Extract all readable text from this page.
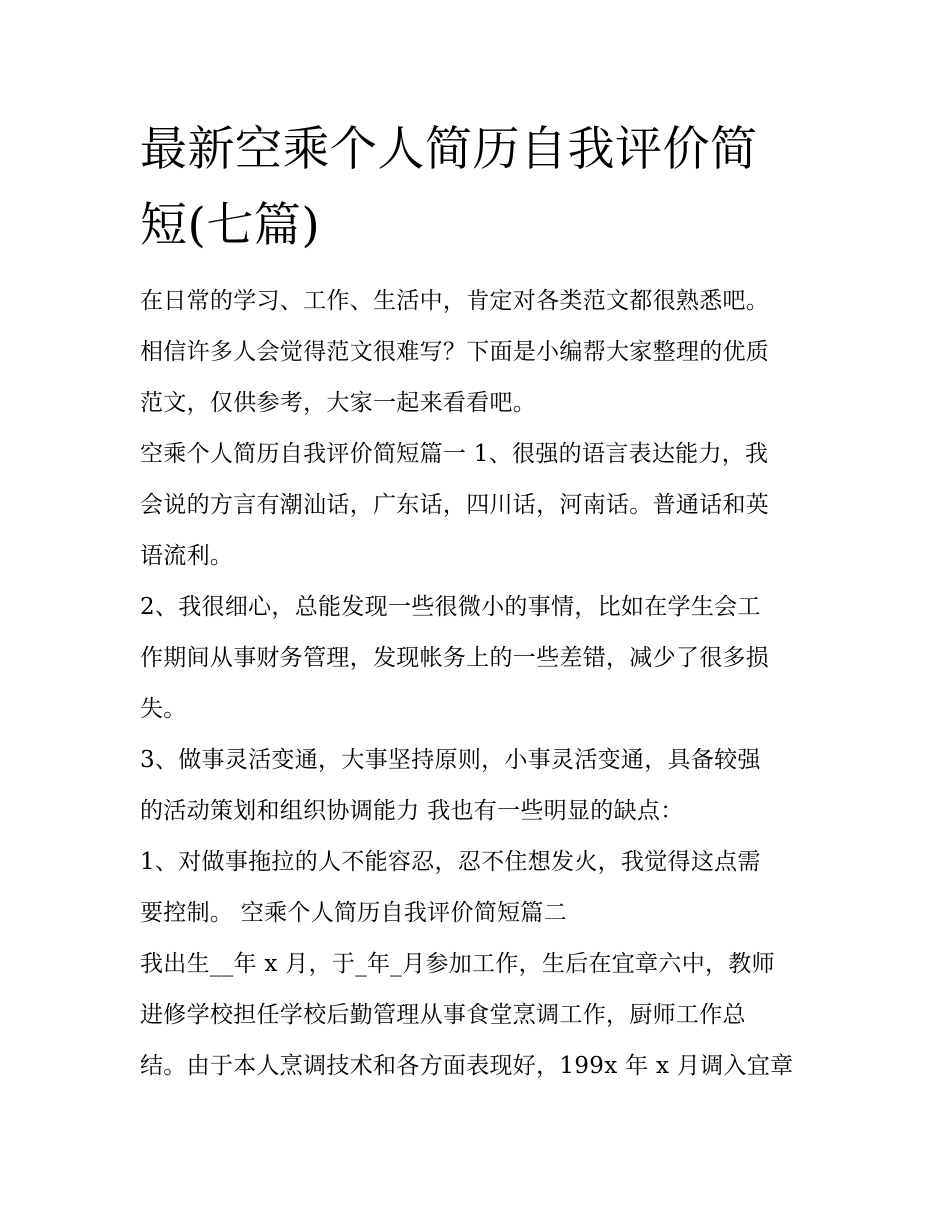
最新空乘个人简历自我评价简
短(七篇)

在日常的学习、工作、生活中，肯定对各类范文都很熟悉吧。
相信许多人会觉得范文很难写？下面是小编帮大家整理的优质
范文，仅供参考，大家一起来看看吧。

空乘个人简历自我评价简短篇一 1、很强的语言表达能力，我
会说的方言有潮汕话，广东话，四川话，河南话。普通话和英
语流利。

2、我很细心，总能发现一些很微小的事情，比如在学生会工
作期间从事财务管理，发现帐务上的一些差错，减少了很多损
失。

3、做事灵活变通，大事坚持原则，小事灵活变通，具备较强
的活动策划和组织协调能力 我也有一些明显的缺点：

1、对做事拖拉的人不能容忍，忍不住想发火，我觉得这点需
要控制。 空乘个人简历自我评价简短篇二

我出生__年 x 月，于_年_月参加工作，生后在宜章六中，教师
进修学校担任学校后勤管理从事食堂烹调工作，厨师工作总
结。由于本人烹调技术和各方面表现好，199x 年 x 月调入宜章
